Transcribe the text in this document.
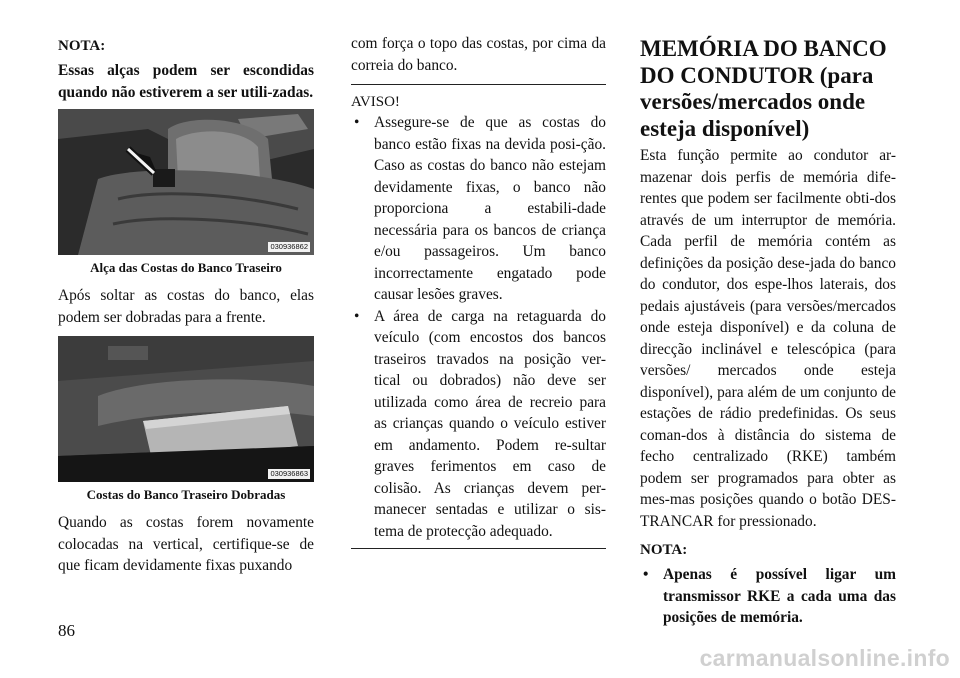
NOTA:

Essas alças podem ser escondidas quando não estiverem a ser utili-zadas.

030936862
Alça das Costas do Banco Traseiro

Após soltar as costas do banco, elas podem ser dobradas para a frente.

030936863
Costas do Banco Traseiro Dobradas

Quando as costas forem novamente colocadas na vertical, certifique-se de que ficam devidamente fixas puxando

com força o topo das costas, por cima da correia do banco.

AVISO!
• Assegure-se de que as costas do banco estão fixas na devida posi-ção. Caso as costas do banco não estejam devidamente fixas, o banco não proporciona a estabili-dade necessária para os bancos de criança e/ou passageiros. Um banco incorrectamente engatado pode causar lesões graves.
• A área de carga na retaguarda do veículo (com encostos dos bancos traseiros travados na posição ver-tical ou dobrados) não deve ser utilizada como área de recreio para as crianças quando o veículo estiver em andamento. Podem re-sultar graves ferimentos em caso de colisão. As crianças devem per-manecer sentadas e utilizar o sis-tema de protecção adequado.
MEMÓRIA DO BANCO DO CONDUTOR (para versões/mercados onde esteja disponível)

Esta função permite ao condutor ar-mazenar dois perfis de memória dife-rentes que podem ser facilmente obti-dos através de um interruptor de memória. Cada perfil de memória contém as definições da posição dese-jada do banco do condutor, dos espe-lhos laterais, dos pedais ajustáveis (para versões/mercados onde esteja disponível) e da coluna de direcção inclinável e telescópica (para versões/ mercados onde esteja disponível), para além de um conjunto de estações de rádio predefinidas. Os seus coman-dos à distância do sistema de fecho centralizado (RKE) também podem ser programados para obter as mes-mas posições quando o botão DES-TRANCAR for pressionado.

NOTA:
• Apenas é possível ligar um transmissor RKE a cada uma das posições de memória.
86
carmanualsonline.info
